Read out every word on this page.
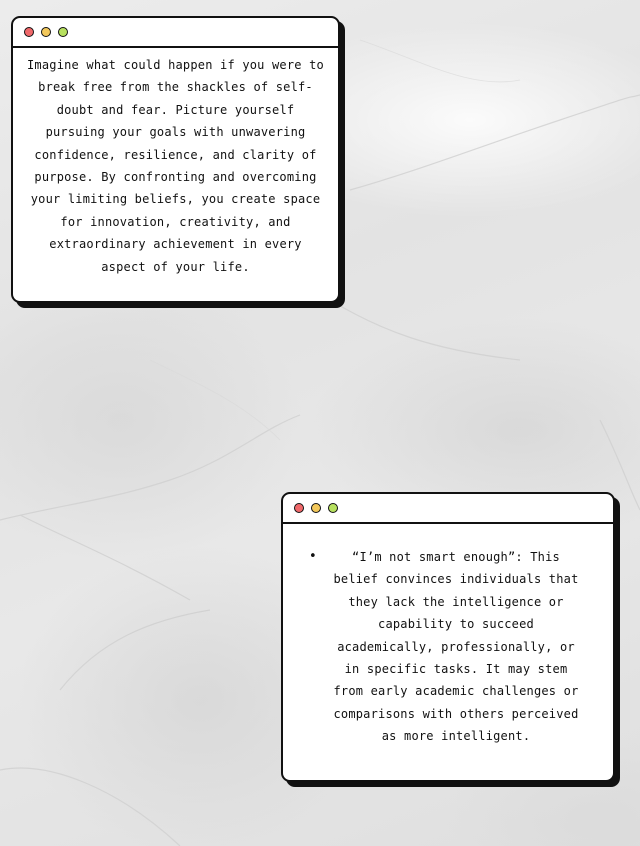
Imagine what could happen if you were to break free from the shackles of self-doubt and fear. Picture yourself pursuing your goals with unwavering confidence, resilience, and clarity of purpose. By confronting and overcoming your limiting beliefs, you create space for innovation, creativity, and extraordinary achievement in every aspect of your life.
•	“I’m not smart enough”: This belief convinces individuals that they lack the intelligence or capability to succeed academically, professionally, or in specific tasks. It may stem from early academic challenges or comparisons with others perceived as more intelligent.
